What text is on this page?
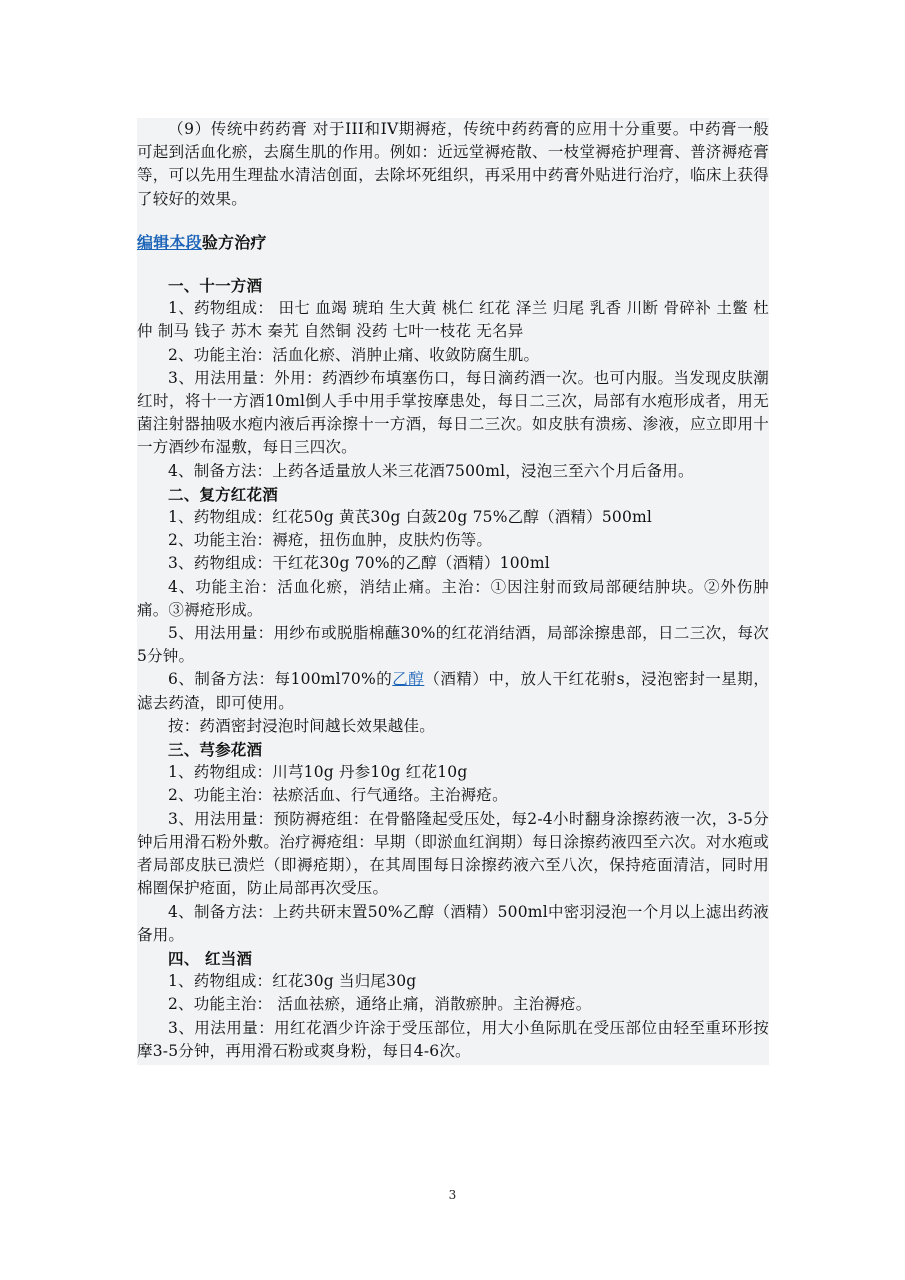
（9）传统中药药膏 对于III和IV期褥疮，传统中药药膏的应用十分重要。中药膏一般可起到活血化瘀，去腐生肌的作用。例如：近远堂褥疮散、一枝堂褥疮护理膏、普济褥疮膏等，可以先用生理盐水清洁创面，去除坏死组织，再采用中药膏外贴进行治疗，临床上获得了较好的效果。

编辑本段验方治疗

一、十一方酒

1、药物组成： 田七 血竭 琥珀 生大黄 桃仁 红花 泽兰 归尾 乳香 川断 骨碎补 土鳖 杜仲 制马 钱子 苏木 秦艽 自然铜 没药 七叶一枝花 无名异

2、功能主治：活血化瘀、消肿止痛、收敛防腐生肌。

3、用法用量：外用：药酒纱布填塞伤口，每日滴药酒一次。也可内服。当发现皮肤潮红时，将十一方酒10ml倒人手中用手掌按摩患处，每日二三次，局部有水疱形成者，用无菌注射器抽吸水疱内液后再涂擦十一方酒，每日二三次。如皮肤有溃疡、渗液，应立即用十一方酒纱布湿敷，每日三四次。

4、制备方法：上药各适量放人米三花酒7500ml，浸泡三至六个月后备用。

二、复方红花酒

1、药物组成：红花50g 黄芪30g 白蔹20g 75%乙醇（酒精）500ml

2、功能主治：褥疮，扭伤血肿，皮肤灼伤等。

3、药物组成：干红花30g 70%的乙醇（酒精）100ml

4、功能主治：活血化瘀，消结止痛。主治：①因注射而致局部硬结肿块。②外伤肿痛。③褥疮形成。

5、用法用量：用纱布或脱脂棉蘸30%的红花消结酒，局部涂擦患部，日二三次，每次5分钟。

6、制备方法：每100ml70%的乙醇（酒精）中，放人干红花驸s，浸泡密封一星期，滤去药渣，即可使用。

按：药酒密封浸泡时间越长效果越佳。

三、芎参花酒

1、药物组成：川芎10g 丹参10g 红花10g

2、功能主治：祛瘀活血、行气通络。主治褥疮。

3、用法用量：预防褥疮组：在骨骼隆起受压处，每2-4小时翻身涂擦药液一次，3-5分钟后用滑石粉外敷。治疗褥疮组：早期（即淤血红润期）每日涂擦药液四至六次。对水疱或者局部皮肤已溃烂（即褥疮期），在其周围每日涂擦药液六至八次，保持疮面清洁，同时用棉圈保护疮面，防止局部再次受压。

4、制备方法：上药共研末置50%乙醇（酒精）500ml中密羽浸泡一个月以上滤出药液备用。

四、 红当酒

1、药物组成：红花30g 当归尾30g

2、功能主治： 活血祛瘀，通络止痛，消散瘀肿。主治褥疮。

3、用法用量：用红花酒少许涂于受压部位，用大小鱼际肌在受压部位由轻至重环形按摩3-5分钟，再用滑石粉或爽身粉，每日4-6次。

3
